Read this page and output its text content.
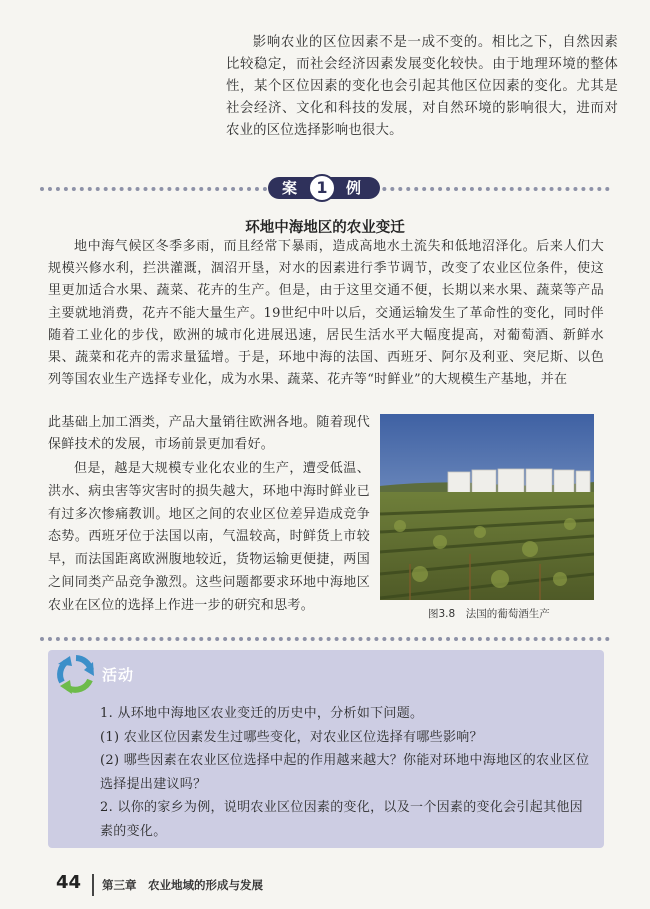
影响农业的区位因素不是一成不变的。相比之下，自然因素比较稳定，而社会经济因素发展变化较快。由于地理环境的整体性，某个区位因素的变化也会引起其他区位因素的变化。尤其是社会经济、文化和科技的发展，对自然环境的影响很大，进而对农业的区位选择影响也很大。

案	1	例
环地中海地区的农业变迁

地中海气候区冬季多雨，而且经常下暴雨，造成高地水土流失和低地沼泽化。后来人们大规模兴修水利，拦洪灌溉，涸沼开垦，对水的因素进行季节调节，改变了农业区位条件，使这里更加适合水果、蔬菜、花卉的生产。但是，由于这里交通不便，长期以来水果、蔬菜等产品主要就地消费，花卉不能大量生产。19世纪中叶以后，交通运输发生了革命性的变化，同时伴随着工业化的步伐，欧洲的城市化进展迅速，居民生活水平大幅度提高，对葡萄酒、新鲜水果、蔬菜和花卉的需求量猛增。于是，环地中海的法国、西班牙、阿尔及利亚、突尼斯、以色列等国农业生产选择专业化，成为水果、蔬菜、花卉等“时鲜业”的大规模生产基地，并在

此基础上加工酒类，产品大量销往欧洲各地。随着现代保鲜技术的发展，市场前景更加看好。

但是，越是大规模专业化农业的生产，遭受低温、洪水、病虫害等灾害时的损失越大，环地中海时鲜业已有过多次惨痛教训。地区之间的农业区位差异造成竞争态势。西班牙位于法国以南，气温较高，时鲜货上市较早，而法国距离欧洲腹地较近，货物运输更便捷，两国之间同类产品竞争激烈。这些问题都要求环地中海地区农业在区位的选择上作进一步的研究和思考。

图3.8　法国的葡萄酒生产
活动

1. 从环地中海地区农业变迁的历史中，分析如下问题。

(1) 农业区位因素发生过哪些变化，对农业区位选择有哪些影响？

(2) 哪些因素在农业区位选择中起的作用越来越大？你能对环地中海地区的农业区位选择提出建议吗？

2. 以你的家乡为例，说明农业区位因素的变化，以及一个因素的变化会引起其他因素的变化。

44 第三章　农业地域的形成与发展
